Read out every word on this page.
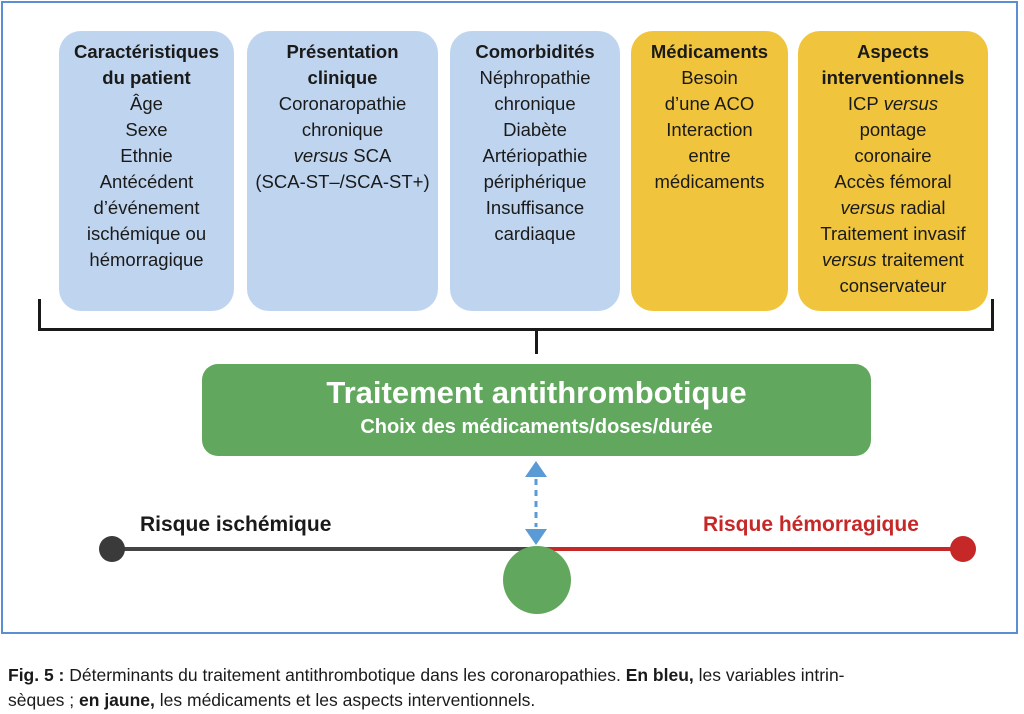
Caractéristiques
du patient
Âge
Sexe
Ethnie
Antécédent
d’événement
ischémique ou
hémorragique
Présentation
clinique
Coronaropathie
chronique
versus SCA
(SCA-ST–/SCA-ST+)
Comorbidités
Néphropathie
chronique
Diabète
Artériopathie
périphérique
Insuffisance
cardiaque
Médicaments
Besoin
d’une ACO
Interaction
entre
médicaments
Aspects
interventionnels
ICP versus
pontage
coronaire
Accès fémoral
versus radial
Traitement invasif
versus traitement
conservateur
Traitement antithrombotique
Choix des médicaments/doses/durée
Risque ischémique	Risque hémorragique
Fig. 5 : Déterminants du traitement antithrombotique dans les coronaropathies. En bleu, les variables intrin-
sèques ; en jaune, les médicaments et les aspects interventionnels.
